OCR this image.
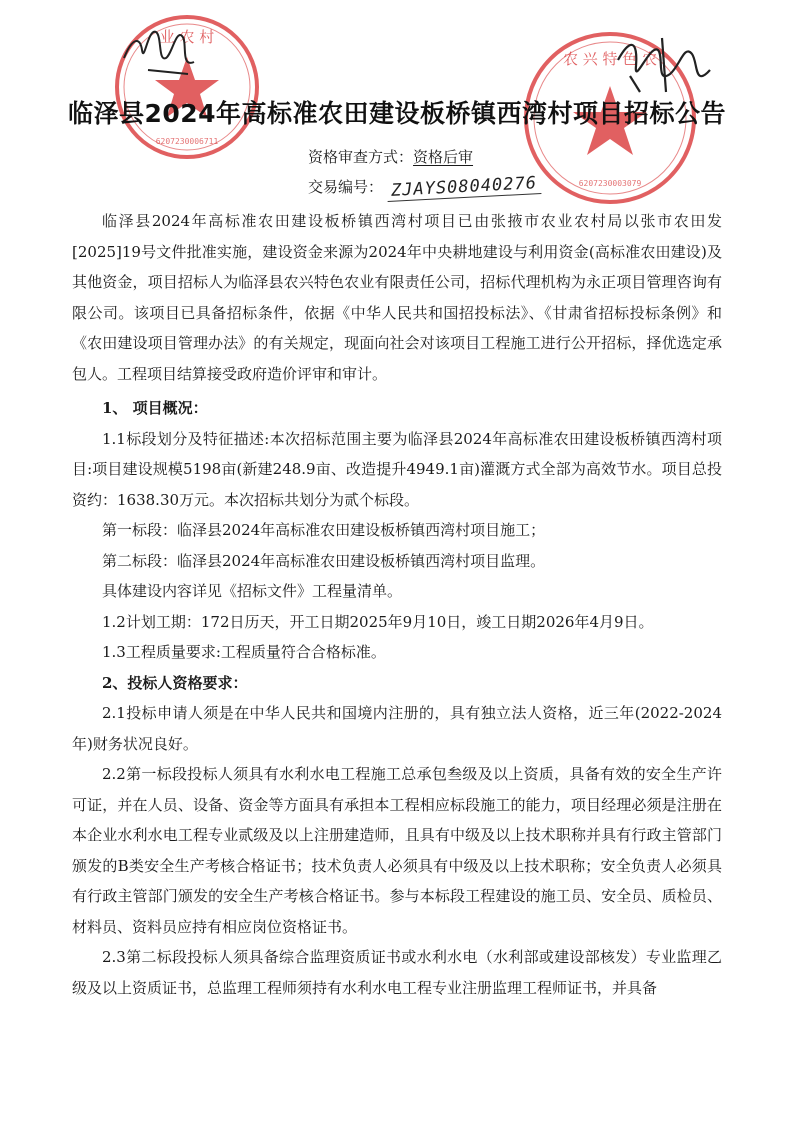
业 农 村
6207230006711
农 兴 特 色 农
6207230003079
临泽县2024年高标准农田建设板桥镇西湾村项目招标公告
资格审查方式：资格后审
交易编号： ZJAYS08040276

临泽县2024年高标准农田建设板桥镇西湾村项目已由张掖市农业农村局以张市农田发[2025]19号文件批准实施，建设资金来源为2024年中央耕地建设与利用资金(高标准农田建设)及其他资金，项目招标人为临泽县农兴特色农业有限责任公司，招标代理机构为永正项目管理咨询有限公司。该项目已具备招标条件，依据《中华人民共和国招投标法》、《甘肃省招标投标条例》和《农田建设项目管理办法》的有关规定，现面向社会对该项目工程施工进行公开招标，择优选定承包人。工程项目结算接受政府造价评审和审计。

1、 项目概况：

1.1标段划分及特征描述:本次招标范围主要为临泽县2024年高标准农田建设板桥镇西湾村项目:项目建设规模5198亩(新建248.9亩、改造提升4949.1亩)灌溉方式全部为高效节水。项目总投资约：1638.30万元。本次招标共划分为贰个标段。

第一标段：临泽县2024年高标准农田建设板桥镇西湾村项目施工；

第二标段：临泽县2024年高标准农田建设板桥镇西湾村项目监理。

具体建设内容详见《招标文件》工程量清单。

1.2计划工期：172日历天，开工日期2025年9月10日，竣工日期2026年4月9日。

1.3工程质量要求:工程质量符合合格标准。

2、投标人资格要求：

2.1投标申请人须是在中华人民共和国境内注册的，具有独立法人资格，近三年(2022-2024年)财务状况良好。

2.2第一标段投标人须具有水利水电工程施工总承包叁级及以上资质，具备有效的安全生产许可证，并在人员、设备、资金等方面具有承担本工程相应标段施工的能力，项目经理必须是注册在本企业水利水电工程专业贰级及以上注册建造师，且具有中级及以上技术职称并具有行政主管部门颁发的B类安全生产考核合格证书；技术负责人必须具有中级及以上技术职称；安全负责人必须具有行政主管部门颁发的安全生产考核合格证书。参与本标段工程建设的施工员、安全员、质检员、材料员、资料员应持有相应岗位资格证书。

2.3第二标段投标人须具备综合监理资质证书或水利水电（水利部或建设部核发）专业监理乙级及以上资质证书，总监理工程师须持有水利水电工程专业注册监理工程师证书，并具备
